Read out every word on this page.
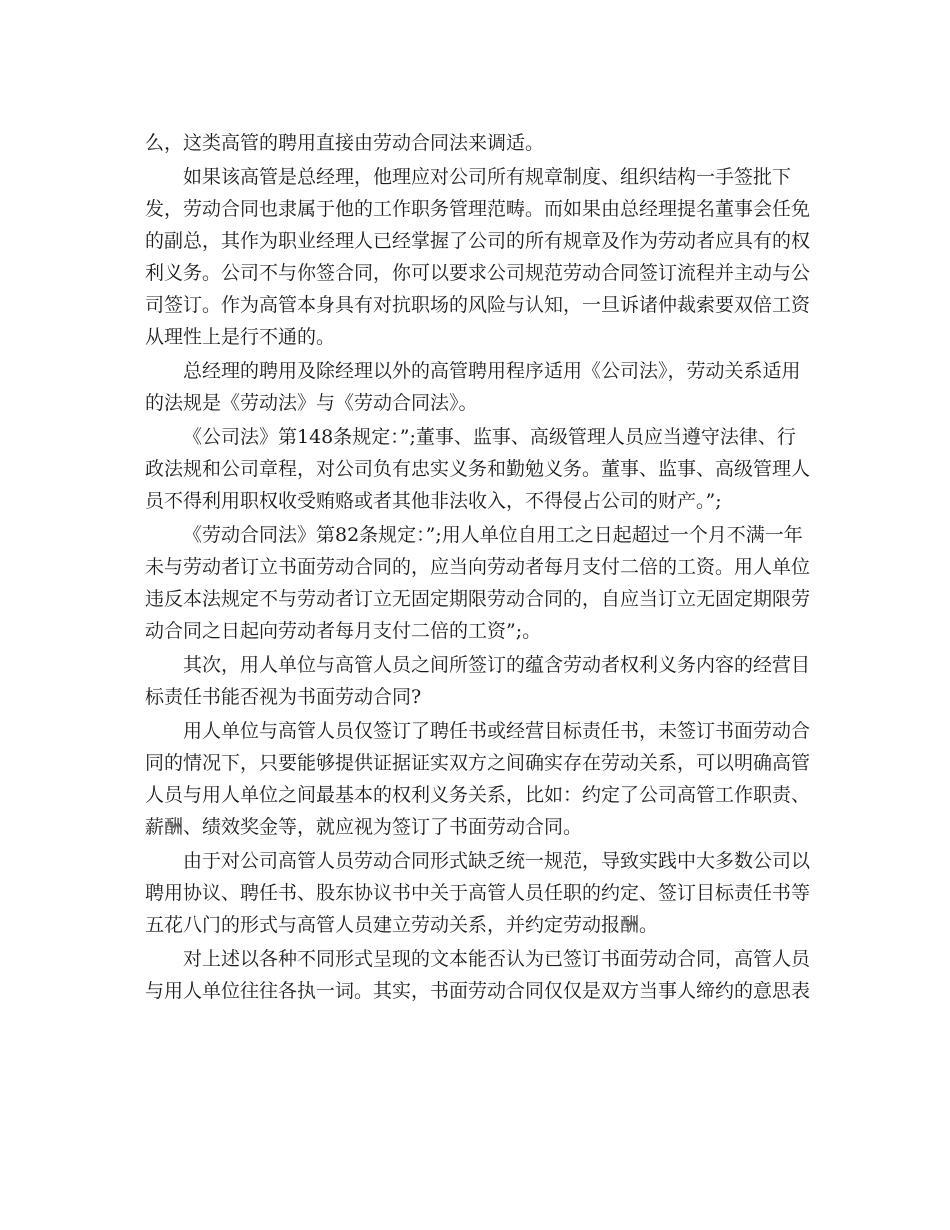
么，这类高管的聘用直接由劳动合同法来调适。

如果该高管是总经理，他理应对公司所有规章制度、组织结构一手签批下发，劳动合同也隶属于他的工作职务管理范畴。而如果由总经理提名董事会任免的副总，其作为职业经理人已经掌握了公司的所有规章及作为劳动者应具有的权利义务。公司不与你签合同，你可以要求公司规范劳动合同签订流程并主动与公司签订。作为高管本身具有对抗职场的风险与认知，一旦诉诸仲裁索要双倍工资从理性上是行不通的。

总经理的聘用及除经理以外的高管聘用程序适用《公司法》，劳动关系适用的法规是《劳动法》与《劳动合同法》。

《公司法》第148条规定：”;董事、监事、高级管理人员应当遵守法律、行政法规和公司章程，对公司负有忠实义务和勤勉义务。董事、监事、高级管理人员不得利用职权收受贿赂或者其他非法收入，不得侵占公司的财产。”;

《劳动合同法》第82条规定：”;用人单位自用工之日起超过一个月不满一年未与劳动者订立书面劳动合同的，应当向劳动者每月支付二倍的工资。用人单位违反本法规定不与劳动者订立无固定期限劳动合同的，自应当订立无固定期限劳动合同之日起向劳动者每月支付二倍的工资”;。

其次，用人单位与高管人员之间所签订的蕴含劳动者权利义务内容的经营目标责任书能否视为书面劳动合同?

用人单位与高管人员仅签订了聘任书或经营目标责任书，未签订书面劳动合同的情况下，只要能够提供证据证实双方之间确实存在劳动关系，可以明确高管人员与用人单位之间最基本的权利义务关系，比如：约定了公司高管工作职责、薪酬、绩效奖金等，就应视为签订了书面劳动合同。

由于对公司高管人员劳动合同形式缺乏统一规范，导致实践中大多数公司以聘用协议、聘任书、股东协议书中关于高管人员任职的约定、签订目标责任书等五花八门的形式与高管人员建立劳动关系，并约定劳动报酬。

对上述以各种不同形式呈现的文本能否认为已签订书面劳动合同，高管人员与用人单位往往各执一词。其实，书面劳动合同仅仅是双方当事人缔约的意思表
